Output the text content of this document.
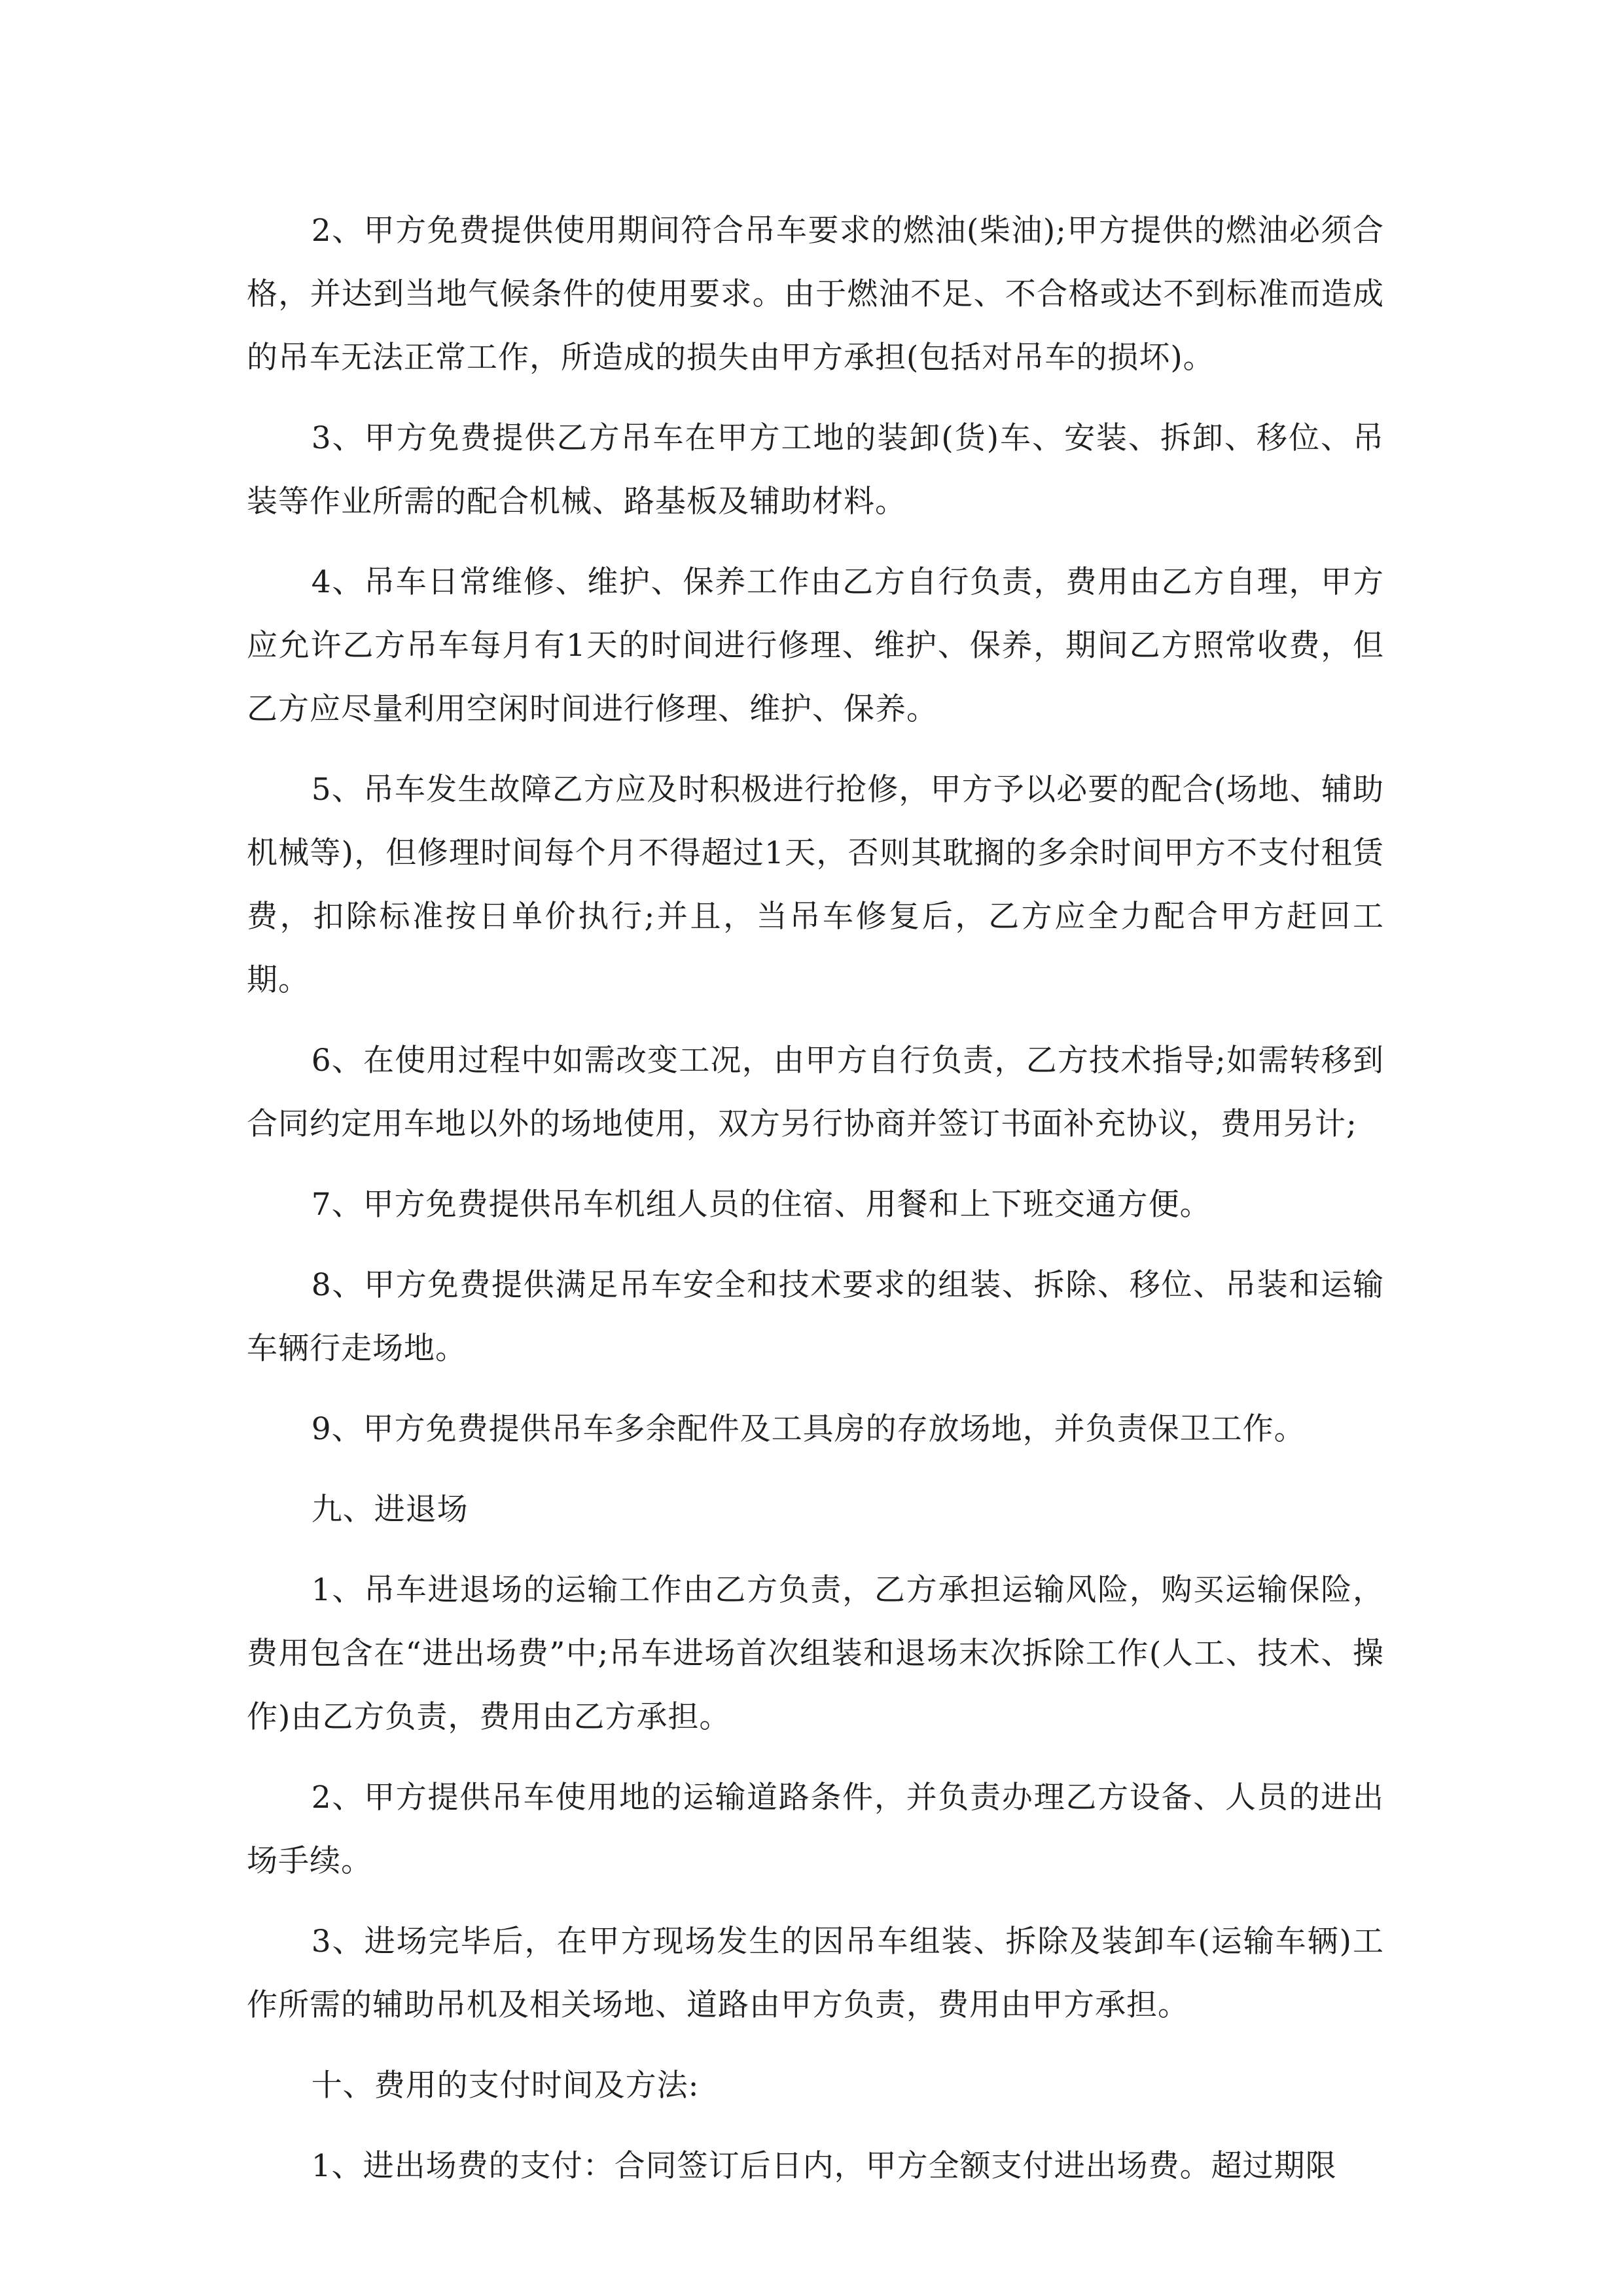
2、甲方免费提供使用期间符合吊车要求的燃油(柴油);甲方提供的燃油必须合格，并达到当地气候条件的使用要求。由于燃油不足、不合格或达不到标准而造成的吊车无法正常工作，所造成的损失由甲方承担(包括对吊车的损坏)。

3、甲方免费提供乙方吊车在甲方工地的装卸(货)车、安装、拆卸、移位、吊装等作业所需的配合机械、路基板及辅助材料。

4、吊车日常维修、维护、保养工作由乙方自行负责，费用由乙方自理，甲方应允许乙方吊车每月有1天的时间进行修理、维护、保养，期间乙方照常收费，但乙方应尽量利用空闲时间进行修理、维护、保养。

5、吊车发生故障乙方应及时积极进行抢修，甲方予以必要的配合(场地、辅助机械等)，但修理时间每个月不得超过1天，否则其耽搁的多余时间甲方不支付租赁费，扣除标准按日单价执行;并且，当吊车修复后，乙方应全力配合甲方赶回工期。

6、在使用过程中如需改变工况，由甲方自行负责，乙方技术指导;如需转移到合同约定用车地以外的场地使用，双方另行协商并签订书面补充协议，费用另计;

7、甲方免费提供吊车机组人员的住宿、用餐和上下班交通方便。

8、甲方免费提供满足吊车安全和技术要求的组装、拆除、移位、吊装和运输车辆行走场地。

9、甲方免费提供吊车多余配件及工具房的存放场地，并负责保卫工作。

九、进退场

1、吊车进退场的运输工作由乙方负责，乙方承担运输风险，购买运输保险，费用包含在“进出场费”中;吊车进场首次组装和退场末次拆除工作(人工、技术、操作)由乙方负责，费用由乙方承担。

2、甲方提供吊车使用地的运输道路条件，并负责办理乙方设备、人员的进出场手续。

3、进场完毕后，在甲方现场发生的因吊车组装、拆除及装卸车(运输车辆)工作所需的辅助吊机及相关场地、道路由甲方负责，费用由甲方承担。

十、费用的支付时间及方法:

1、进出场费的支付：合同签订后日内，甲方全额支付进出场费。超过期限
